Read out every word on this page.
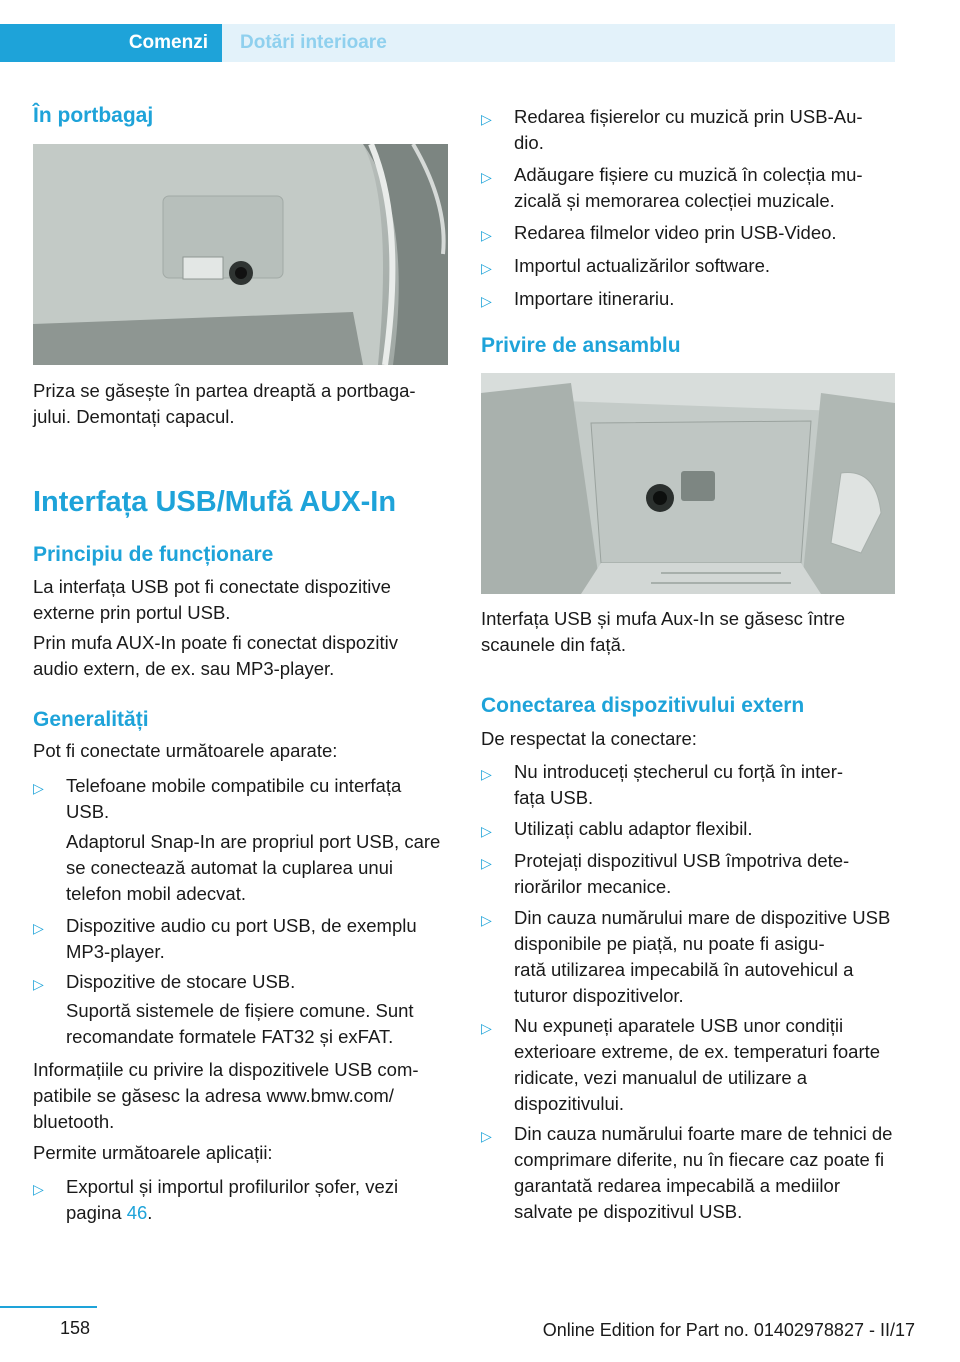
Comenzi	Dotări interioare
În portbagaj

Priza se găsește în partea dreaptă a portbaga-
jului. Demontați capacul.

Interfața USB/Mufă AUX-In
Principiu de funcționare

La interfața USB pot fi conectate dispozitive externe prin portul USB.

Prin mufa AUX-In poate fi conectat dispozitiv audio extern, de ex. sau MP3-player.

Generalități

Pot fi conectate următoarele aparate:

▷ Telefoane mobile compatibile cu interfața USB.

Adaptorul Snap-In are propriul port USB, care se conectează automat la cuplarea unui telefon mobil adecvat.

▷ Dispozitive audio cu port USB, de exemplu MP3-player.
▷ Dispozitive de stocare USB.

Suportă sistemele de fișiere comune. Sunt recomandate formatele FAT32 și exFAT.

Informațiile cu privire la dispozitivele USB com-
patibile se găsesc la adresa www.bmw.com/
bluetooth.

Permite următoarele aplicații:

▷ Exportul și importul profilurilor șofer, vezi pagina 46.
▷ Redarea fișierelor cu muzică prin USB-Au-
dio.
▷ Adăugare fișiere cu muzică în colecția mu-
zicală și memorarea colecției muzicale.
▷ Redarea filmelor video prin USB-Video.
▷ Importul actualizărilor software.
▷ Importare itinerariu.
Privire de ansamblu

Interfața USB și mufa Aux-In se găsesc între scaunele din față.

Conectarea dispozitivului extern

De respectat la conectare:

▷ Nu introduceți ștecherul cu forță în inter-
fața USB.
▷ Utilizați cablu adaptor flexibil.
▷ Protejați dispozitivul USB împotriva dete-
riorărilor mecanice.
▷ Din cauza numărului mare de dispozitive USB disponibile pe piață, nu poate fi asigu-
rată utilizarea impecabilă în autovehicul a tuturor dispozitivelor.
▷ Nu expuneți aparatele USB unor condiții exterioare extreme, de ex. temperaturi foarte ridicate, vezi manualul de utilizare a dispozitivului.
▷ Din cauza numărului foarte mare de tehnici de comprimare diferite, nu în fiecare caz poate fi garantată redarea impecabilă a mediilor salvate pe dispozitivul USB.
158	Online Edition for Part no. 01402978827 - II/17
